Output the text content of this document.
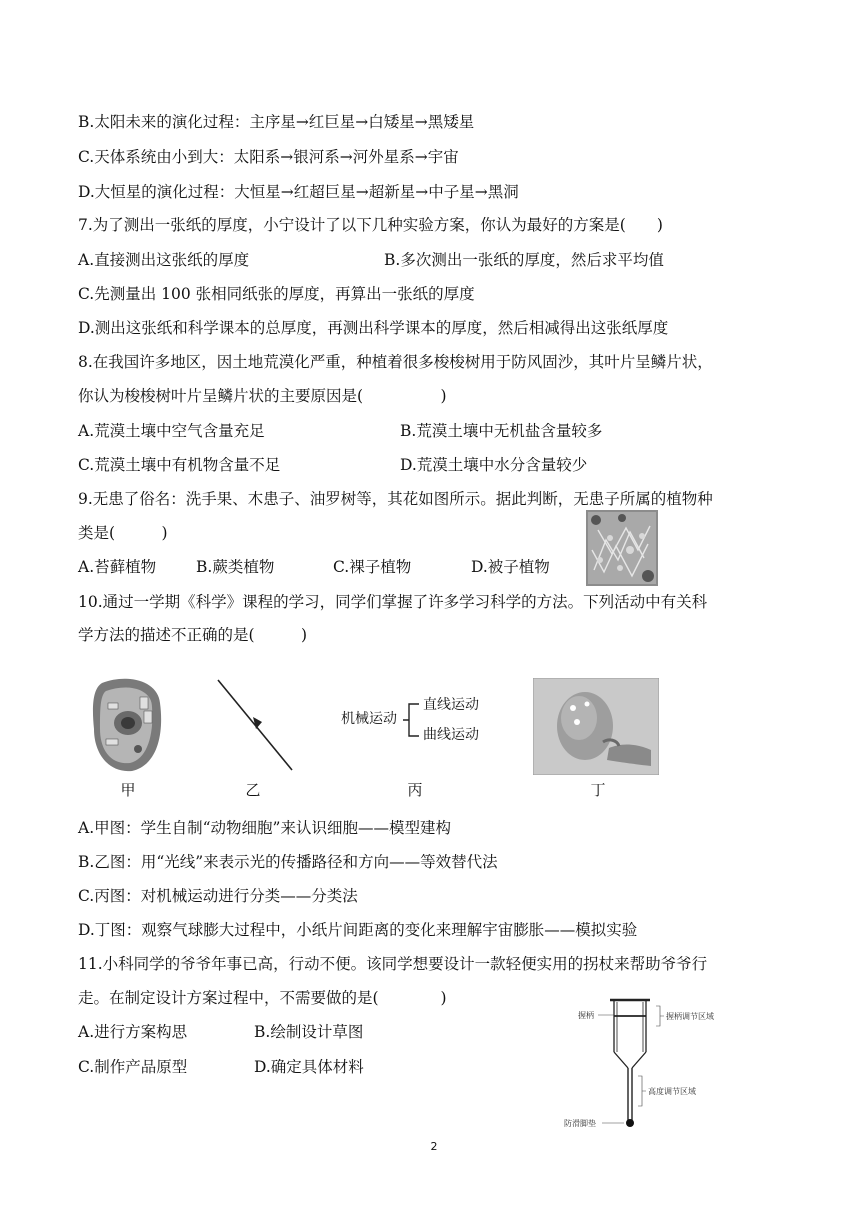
B.太阳未来的演化过程：主序星→红巨星→白矮星→黑矮星
C.天体系统由小到大：太阳系→银河系→河外星系→宇宙
D.大恒星的演化过程：大恒星→红超巨星→超新星→中子星→黑洞
7.为了测出一张纸的厚度，小宁设计了以下几种实验方案，你认为最好的方案是(　　)
A.直接测出这张纸的厚度	B.多次测出一张纸的厚度，然后求平均值
C.先测量出 100 张相同纸张的厚度，再算出一张纸的厚度
D.测出这张纸和科学课本的总厚度，再测出科学课本的厚度，然后相减得出这张纸厚度
8.在我国许多地区，因土地荒漠化严重，种植着很多梭梭树用于防风固沙，其叶片呈鳞片状，
你认为梭梭树叶片呈鳞片状的主要原因是(　　　　　)
A.荒漠土壤中空气含量充足	B.荒漠土壤中无机盐含量较多
C.荒漠土壤中有机物含量不足	D.荒漠土壤中水分含量较少
9.无患了俗名：洗手果、木患子、油罗树等，其花如图所示。据此判断，无患子所属的植物种
类是(　　　)
A.苔藓植物	B.蕨类植物	C.裸子植物	D.被子植物
10.通过一学期《科学》课程的学习，同学们掌握了许多学习科学的方法。下列活动中有关科
学方法的描述不正确的是(　　　)
机械运动
直线运动
曲线运动
甲	乙	丙	丁
A.甲图：学生自制“动物细胞”来认识细胞——模型建构
B.乙图：用“光线”来表示光的传播路径和方向——等效替代法
C.丙图：对机械运动进行分类——分类法
D.丁图：观察气球膨大过程中，小纸片间距离的变化来理解宇宙膨胀——模拟实验
11.小科同学的爷爷年事已高，行动不便。该同学想要设计一款轻便实用的拐杖来帮助爷爷行
走。在制定设计方案过程中，不需要做的是(　　　　)
A.进行方案构思	B.绘制设计草图
C.制作产品原型	D.确定具体材料
握柄	握柄调节区域
高度调节区域
防滑脚垫
2
